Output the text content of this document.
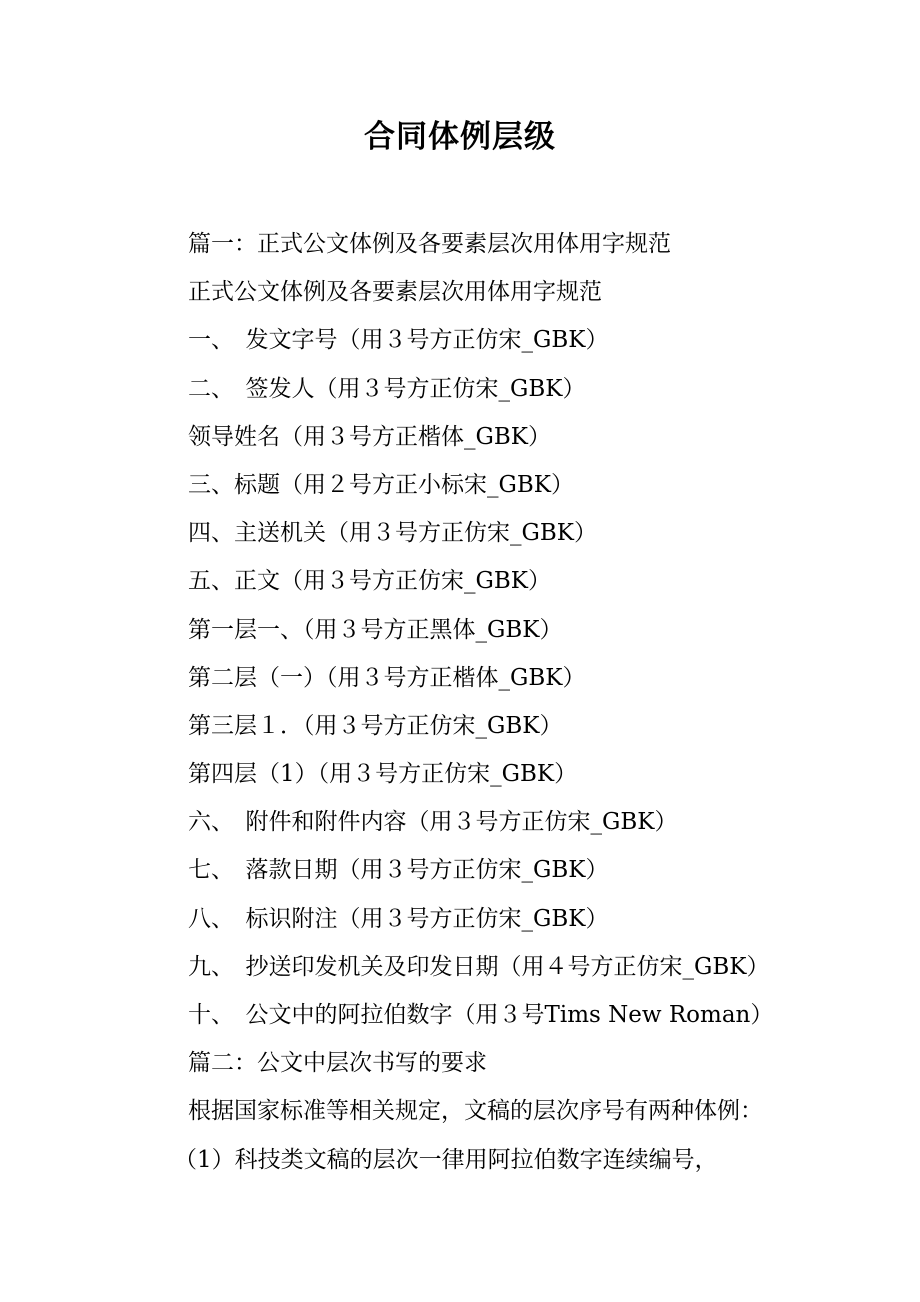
合同体例层级
篇一：正式公文体例及各要素层次用体用字规范
正式公文体例及各要素层次用体用字规范
一、　发文字号（用３号方正仿宋_GBK）
二、　签发人（用３号方正仿宋_GBK）
领导姓名（用３号方正楷体_GBK）
三、标题（用２号方正小标宋_GBK）
四、主送机关（用３号方正仿宋_GBK）
五、正文（用３号方正仿宋_GBK）
第一层一、（用３号方正黑体_GBK）
第二层（一）（用３号方正楷体_GBK）
第三层１．（用３号方正仿宋_GBK）
第四层（1）（用３号方正仿宋_GBK）
六、　附件和附件内容（用３号方正仿宋_GBK）
七、　落款日期（用３号方正仿宋_GBK）
八、　标识附注（用３号方正仿宋_GBK）
九、　抄送印发机关及印发日期（用４号方正仿宋_GBK）
十、　公文中的阿拉伯数字（用３号Tims New Roman）
篇二：公文中层次书写的要求
根据国家标准等相关规定，文稿的层次序号有两种体例：
（1）科技类文稿的层次一律用阿拉伯数字连续编号，
